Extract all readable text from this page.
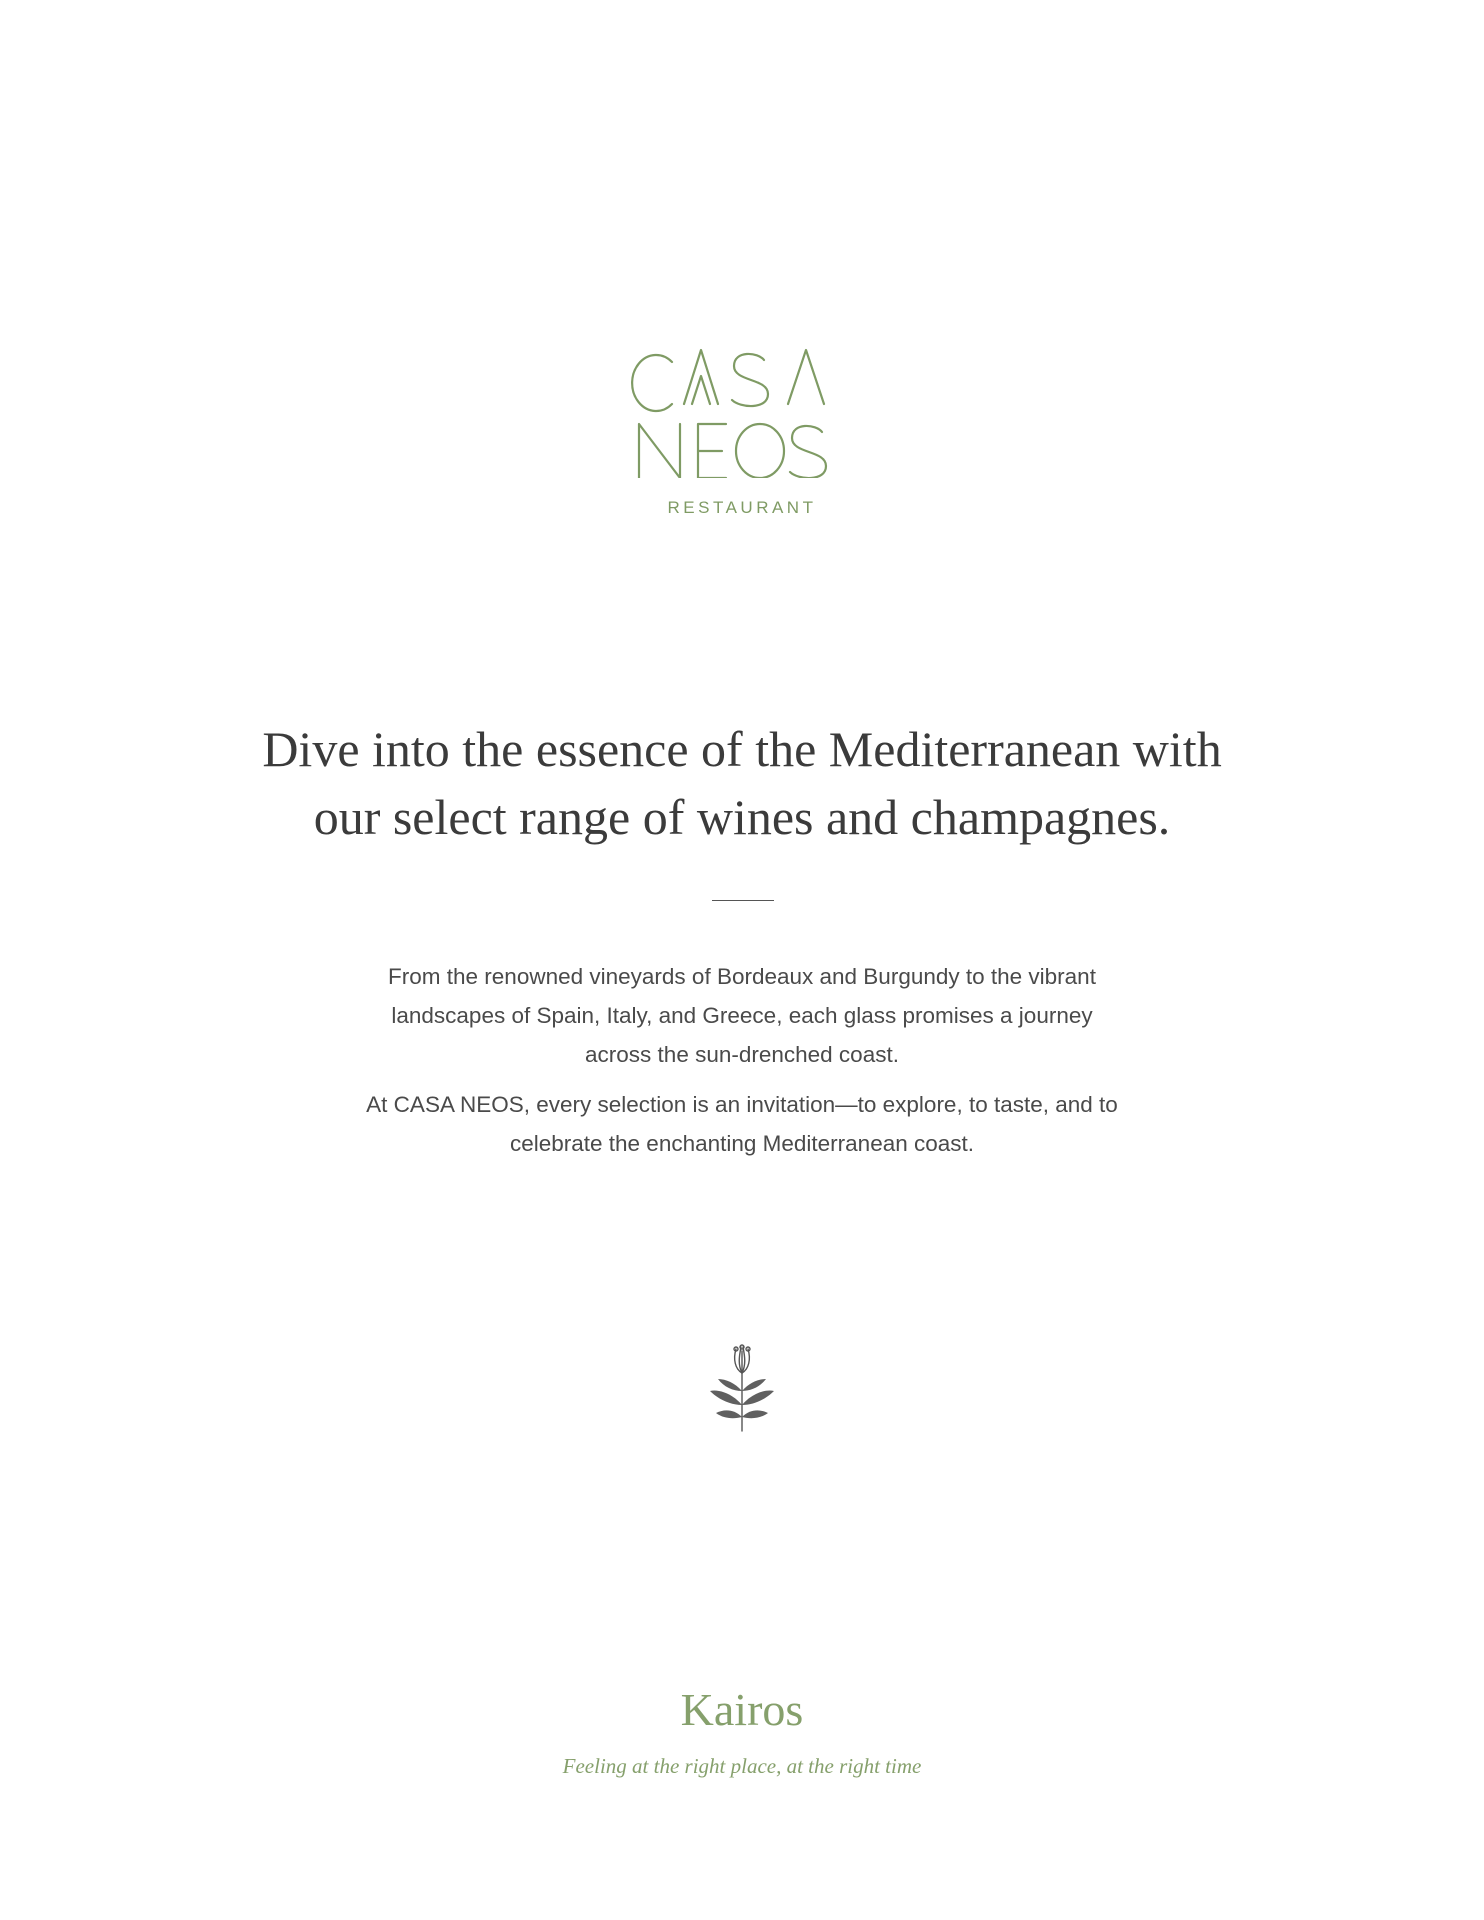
RESTAURANT
Dive into the essence of the Mediterranean with
our select range of wines and champagnes.

From the renowned vineyards of Bordeaux and Burgundy to the vibrant landscapes of Spain, Italy, and Greece, each glass promises a journey across the sun-drenched coast.

At CASA NEOS, every selection is an invitation—to explore, to taste, and to celebrate the enchanting Mediterranean coast.

Kairos
Feeling at the right place, at the right time
